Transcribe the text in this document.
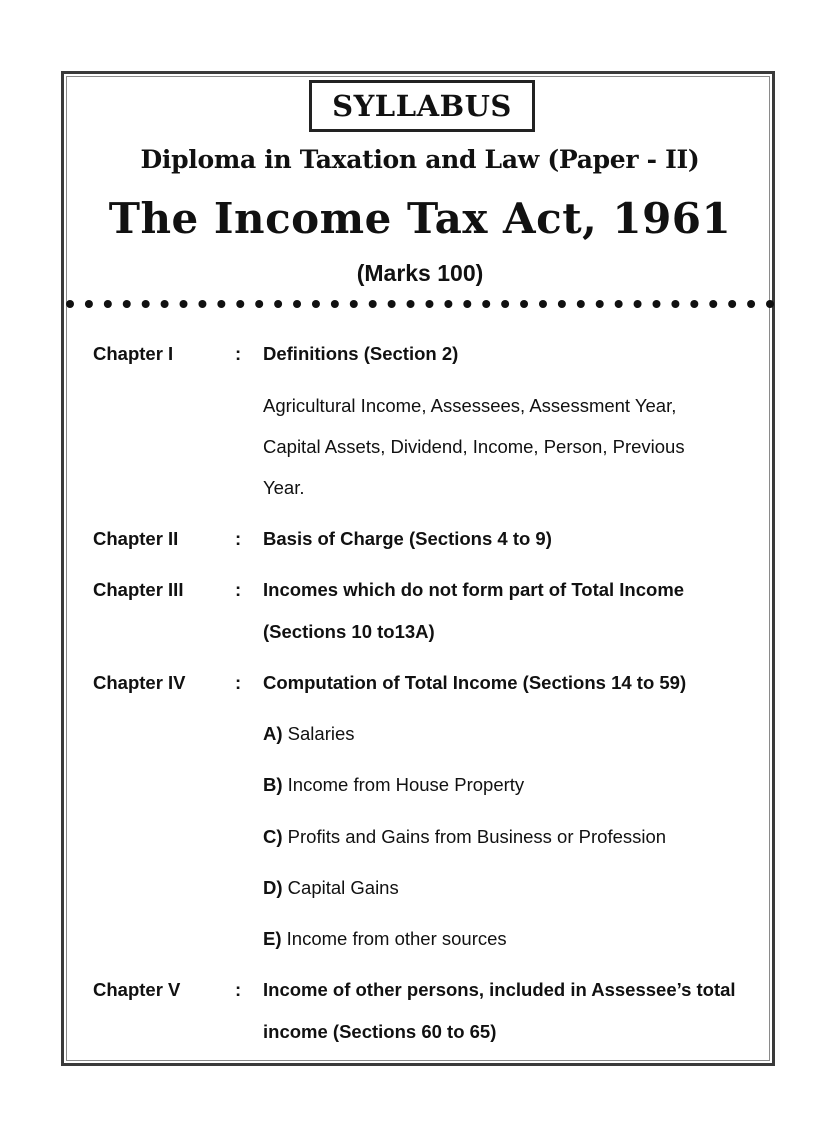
SYLLABUS
Diploma in Taxation and Law (Paper - II)
The Income Tax Act, 1961
(Marks 100)
Chapter I	: Definitions (Section 2)
Agricultural Income, Assessees, Assessment Year,
Capital Assets, Dividend, Income, Person, Previous
Year.
Chapter II	: Basis of Charge (Sections 4 to 9)
Chapter III	: Incomes which do not form part of Total Income
(Sections 10 to13A)
Chapter IV	: Computation of Total Income (Sections 14 to 59)
A) Salaries
B) Income from House Property
C) Profits and Gains from Business or Profession
D) Capital Gains
E) Income from other sources
Chapter V	: Income of other persons, included in Assessee’s total
income (Sections 60 to 65)
